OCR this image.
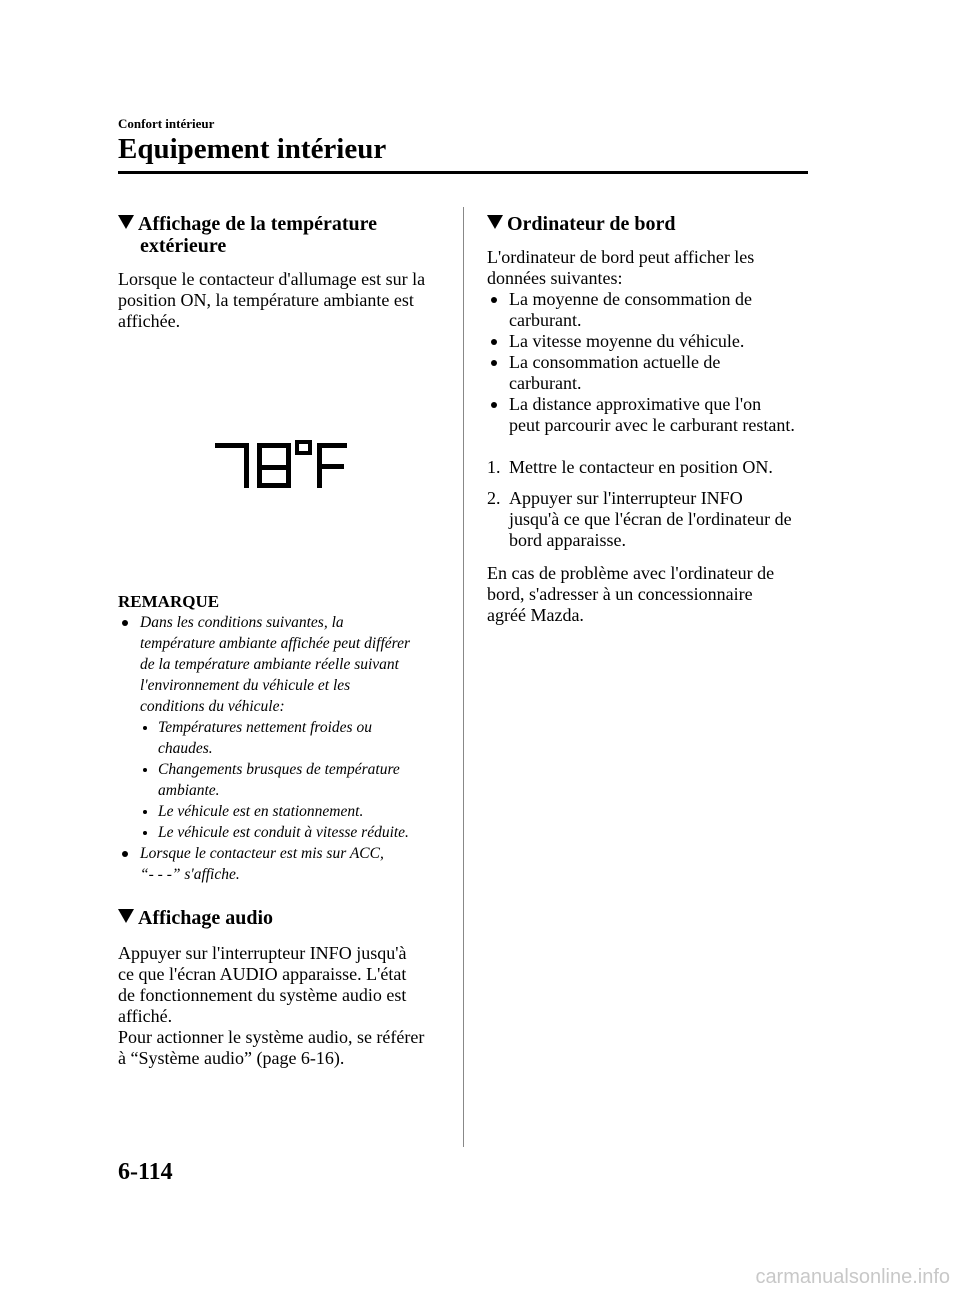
Confort intérieur
Equipement intérieur
Affichage de la température
extérieure

Lorsque le contacteur d'allumage est sur la

position ON, la température ambiante est

affichée.

REMARQUE
Dans les conditions suivantes, la
température ambiante affichée peut différer
de la température ambiante réelle suivant
l'environnement du véhicule et les
conditions du véhicule:
Températures nettement froides ou
chaudes.
Changements brusques de température
ambiante.
Le véhicule est en stationnement.
Le véhicule est conduit à vitesse réduite.
Lorsque le contacteur est mis sur ACC,
“- - -” s'affiche.
Affichage audio

Appuyer sur l'interrupteur INFO jusqu'à

ce que l'écran AUDIO apparaisse. L'état

de fonctionnement du système audio est

affiché.

Pour actionner le système audio, se référer

à “Système audio” (page 6-16).

Ordinateur de bord

L'ordinateur de bord peut afficher les

données suivantes:

La moyenne de consommation de
carburant.
La vitesse moyenne du véhicule.
La consommation actuelle de
carburant.
La distance approximative que l'on
peut parcourir avec le carburant restant.
1. Mettre le contacteur en position ON.
2. Appuyer sur l'interrupteur INFO
jusqu'à ce que l'écran de l'ordinateur de
bord apparaisse.

En cas de problème avec l'ordinateur de

bord, s'adresser à un concessionnaire

agréé Mazda.

6-114
carmanualsonline.info
